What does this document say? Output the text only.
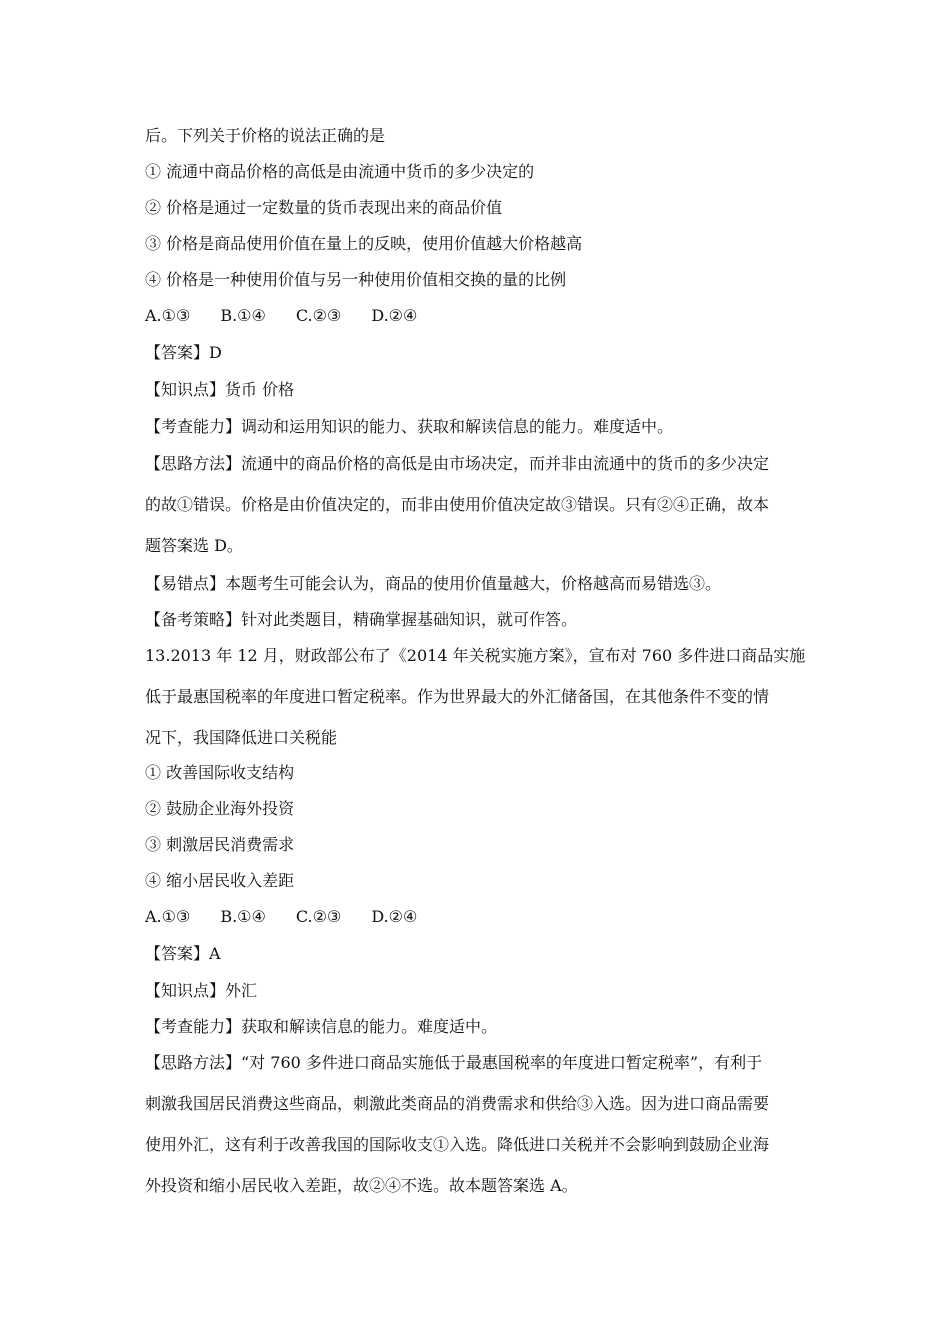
后。下列关于价格的说法正确的是
① 流通中商品价格的高低是由流通中货币的多少决定的
② 价格是通过一定数量的货币表现出来的商品价值
③ 价格是商品使用价值在量上的反映，使用价值越大价格越高
④ 价格是一种使用价值与另一种使用价值相交换的量的比例
A.①③ B.①④ C.②③ D.②④
【答案】D
【知识点】货币 价格
【考查能力】调动和运用知识的能力、获取和解读信息的能力。难度适中。
【思路方法】流通中的商品价格的高低是由市场决定，而并非由流通中的货币的多少决定
的故①错误。价格是由价值决定的，而非由使用价值决定故③错误。只有②④正确，故本
题答案选 D。
【易错点】本题考生可能会认为，商品的使用价值量越大，价格越高而易错选③。
【备考策略】针对此类题目，精确掌握基础知识，就可作答。
13.2013 年 12 月，财政部公布了《2014 年关税实施方案》，宣布对 760 多件进口商品实施
低于最惠国税率的年度进口暂定税率。作为世界最大的外汇储备国，在其他条件不变的情
况下，我国降低进口关税能
① 改善国际收支结构
② 鼓励企业海外投资
③ 刺激居民消费需求
④ 缩小居民收入差距
A.①③ B.①④ C.②③ D.②④
【答案】A
【知识点】外汇
【考查能力】获取和解读信息的能力。难度适中。
【思路方法】“对 760 多件进口商品实施低于最惠国税率的年度进口暂定税率”，有利于
刺激我国居民消费这些商品，刺激此类商品的消费需求和供给③入选。因为进口商品需要
使用外汇，这有利于改善我国的国际收支①入选。降低进口关税并不会影响到鼓励企业海
外投资和缩小居民收入差距，故②④不选。故本题答案选 A。
